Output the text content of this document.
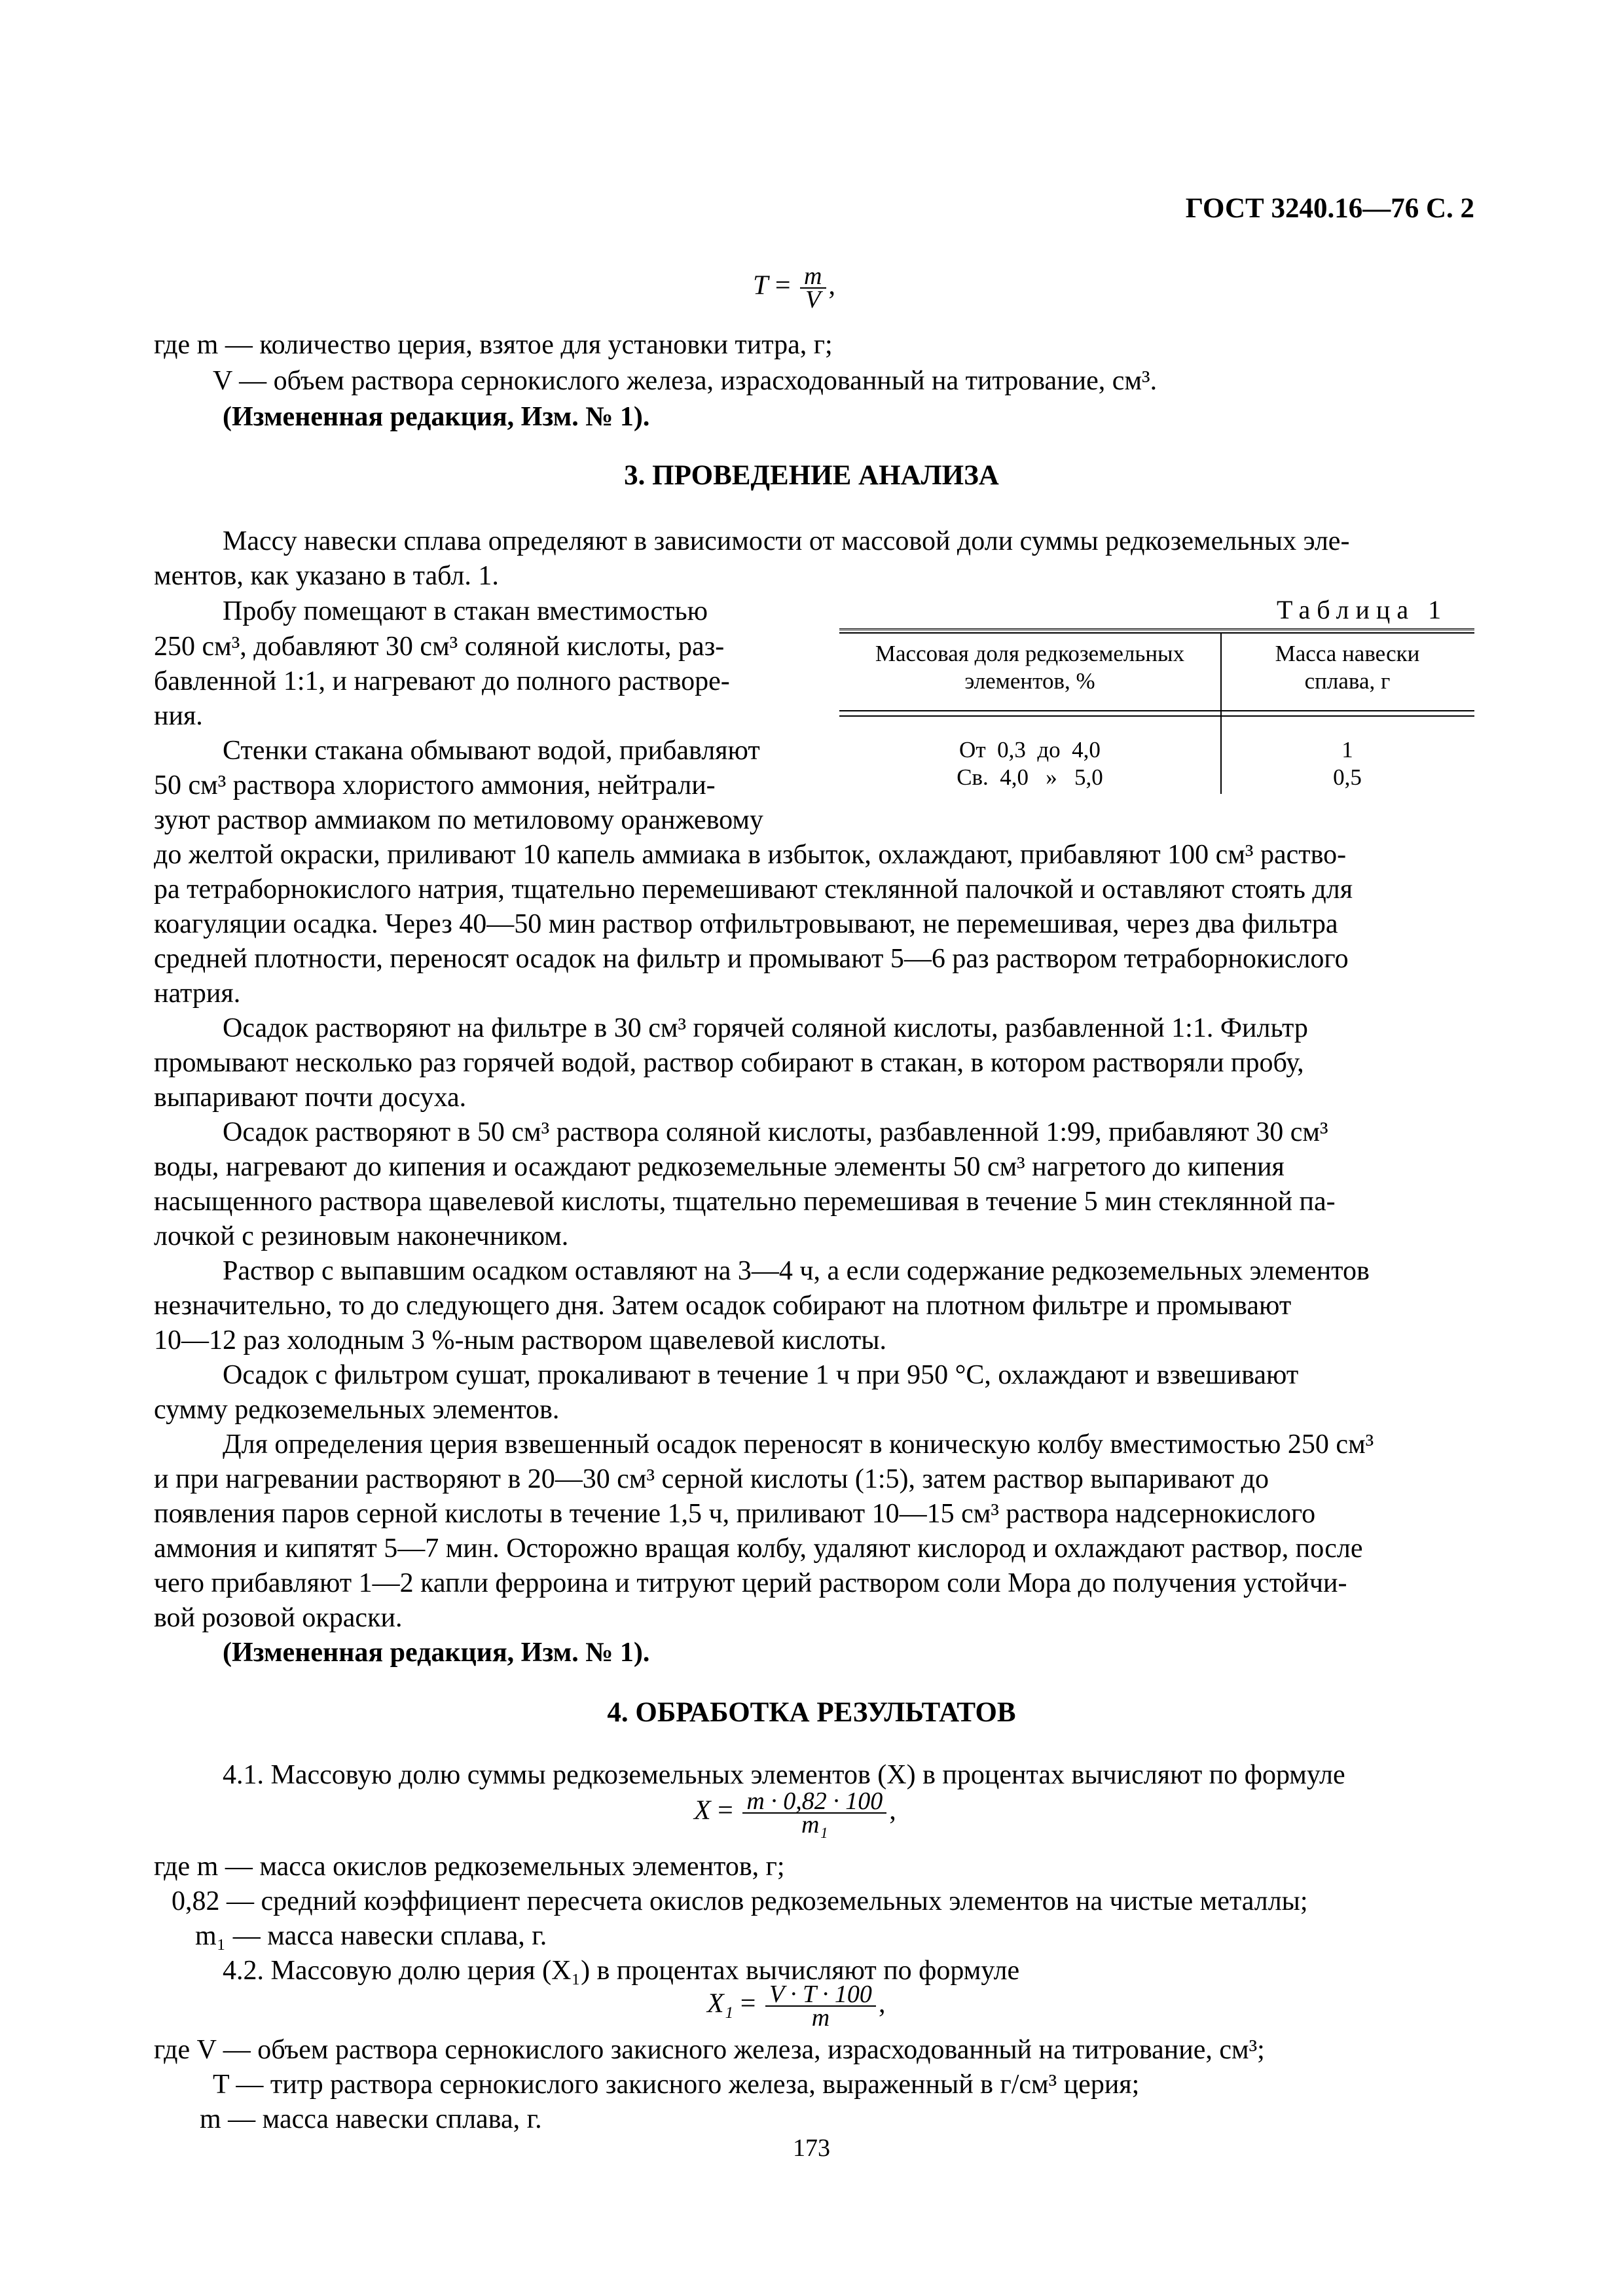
ГОСТ 3240.16—76 С. 2
$T = \frac{m}{V}$ ,
где m — количество церия, взятое для установки титра, г;
V — объем раствора сернокислого железа, израсходованный на титрование, см³.
(Измененная редакция, Изм. № 1).
3. ПРОВЕДЕНИЕ АНАЛИЗА
Массу навески сплава определяют в зависимости от массовой доли суммы редкоземельных эле-
ментов, как указано в табл. 1.
Пробу помещают в стакан вместимостью
250 см³, добавляют 30 см³ соляной кислоты, раз-
бавленной 1:1, и нагревают до полного растворе-
ния.
Стенки стакана обмывают водой, прибавляют
50 см³ раствора хлористого аммония, нейтрали-
зуют раствор аммиаком по метиловому оранжевому
Таблица 1
Массовая доля редкоземельных элементов, %
Масса навески сплава, г
От  0,3  до  4,0	1
Св.  4,0   »   5,0	0,5
до желтой окраски, приливают 10 капель аммиака в избыток, охлаждают, прибавляют 100 см³ раство-
ра тетраборнокислого натрия, тщательно перемешивают стеклянной палочкой и оставляют стоять для
коагуляции осадка. Через 40—50 мин раствор отфильтровывают, не перемешивая, через два фильтра
средней плотности, переносят осадок на фильтр и промывают 5—6 раз раствором тетраборнокислого
натрия.
Осадок растворяют на фильтре в 30 см³ горячей соляной кислоты, разбавленной 1:1. Фильтр
промывают несколько раз горячей водой, раствор собирают в стакан, в котором растворяли пробу,
выпаривают почти досуха.
Осадок растворяют в 50 см³ раствора соляной кислоты, разбавленной 1:99, прибавляют 30 см³
воды, нагревают до кипения и осаждают редкоземельные элементы 50 см³ нагретого до кипения
насыщенного раствора щавелевой кислоты, тщательно перемешивая в течение 5 мин стеклянной па-
лочкой с резиновым наконечником.
Раствор с выпавшим осадком оставляют на 3—4 ч, а если содержание редкоземельных элементов
незначительно, то до следующего дня. Затем осадок собирают на плотном фильтре и промывают
10—12 раз холодным 3 %-ным раствором щавелевой кислоты.
Осадок с фильтром сушат, прокаливают в течение 1 ч при 950 °С, охлаждают и взвешивают
сумму редкоземельных элементов.
Для определения церия взвешенный осадок переносят в коническую колбу вместимостью 250 см³
и при нагревании растворяют в 20—30 см³ серной кислоты (1:5), затем раствор выпаривают до
появления паров серной кислоты в течение 1,5 ч, приливают 10—15 см³ раствора надсернокислого
аммония и кипятят 5—7 мин. Осторожно вращая колбу, удаляют кислород и охлаждают раствор, после
чего прибавляют 1—2 капли ферроина и титруют церий раствором соли Мора до получения устойчи-
вой розовой окраски.
(Измененная редакция, Изм. № 1).
4. ОБРАБОТКА РЕЗУЛЬТАТОВ
4.1. Массовую долю суммы редкоземельных элементов (X) в процентах вычисляют по формуле
$X = \frac{m \cdot 0,82 \cdot 100}{\text{m₁}}$ ,
где m — масса окислов редкоземельных элементов, г;
0,82 — средний коэффициент пересчета окислов редкоземельных элементов на чистые металлы;
m₁ — масса навески сплава, г.
4.2. Массовую долю церия (X₁) в процентах вычисляют по формуле
$X_1 = \frac{V \cdot T \cdot 100}{m}$ ,
где V — объем раствора сернокислого закисного железа, израсходованный на титрование, см³;
T — титр раствора сернокислого закисного железа, выраженный в г/см³ церия;
m — масса навески сплава, г.
173
